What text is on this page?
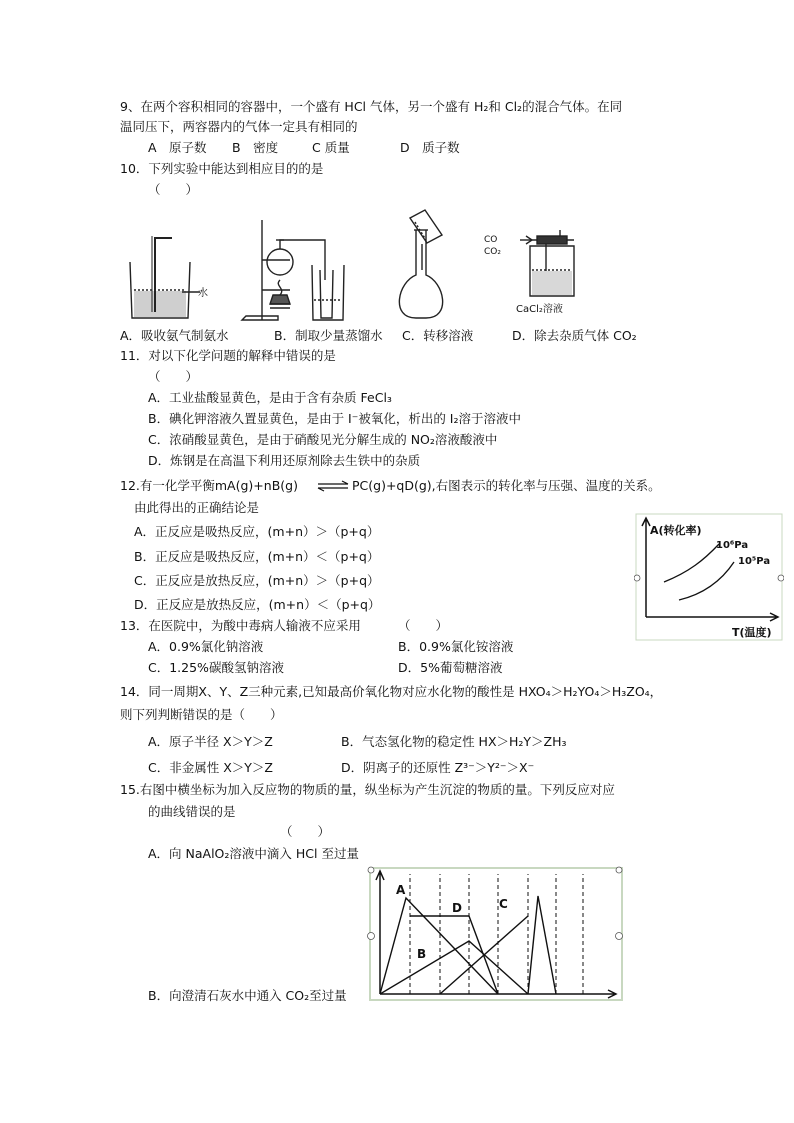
9、在两个容积相同的容器中，一个盛有 HCl 气体，另一个盛有 H₂和 Cl₂的混合气体。在同
温同压下，两容器内的气体一定具有相同的
A　原子数 B　密度	C 质量	D　质子数
10．下列实验中能达到相应目的的是
（　　）
水
CO
CO₂
CaCl₂溶液
A．吸收氨气制氨水	B．制取少量蒸馏水 C．转移溶液	D．除去杂质气体 CO₂
11．对以下化学问题的解释中错误的是
（　　）
A．工业盐酸显黄色，是由于含有杂质 FeCl₃
B．碘化钾溶液久置显黄色，是由于 I⁻被氧化，析出的 I₂溶于溶液中
C．浓硝酸显黄色，是由于硝酸见光分解生成的 NO₂溶液酸液中
D．炼钢是在高温下利用还原剂除去生铁中的杂质
12.有一化学平衡mA(g)+nB(g) ⇌ PC(g)+qD(g),右图表示的转化率与压强、温度的关系。
由此得出的正确结论是
A．正反应是吸热反应，(m+n）＞（p+q）
B．正反应是吸热反应，(m+n）＜（p+q）
C．正反应是放热反应，(m+n）＞（p+q）
D．正反应是放热反应，(m+n）＜（p+q）
A(转化率)
10⁶Pa
10⁵Pa
T(温度)
13．在医院中，为酸中毒病人输液不应采用	（　　）
A．0.9%氯化钠溶液	B．0.9%氯化铵溶液
C．1.25%碳酸氢钠溶液	D．5%葡萄糖溶液
14．同一周期X、Y、Z三种元素,已知最高价氧化物对应水化物的酸性是 HXO₄＞H₂YO₄＞H₃ZO₄，
则下列判断错误的是（　　）
A．原子半径 X＞Y＞Z	B．气态氢化物的稳定性 HX＞H₂Y＞ZH₃
C．非金属性 X＞Y＞Z	D．阴离子的还原性 Z³⁻＞Y²⁻＞X⁻
15.右图中横坐标为加入反应物的物质的量，纵坐标为产生沉淀的物质的量。下列反应对应
的曲线错误的是
（　　）
A．向 NaAlO₂溶液中滴入 HCl 至过量
A
B
C
D
B．向澄清石灰水中通入 CO₂至过量
